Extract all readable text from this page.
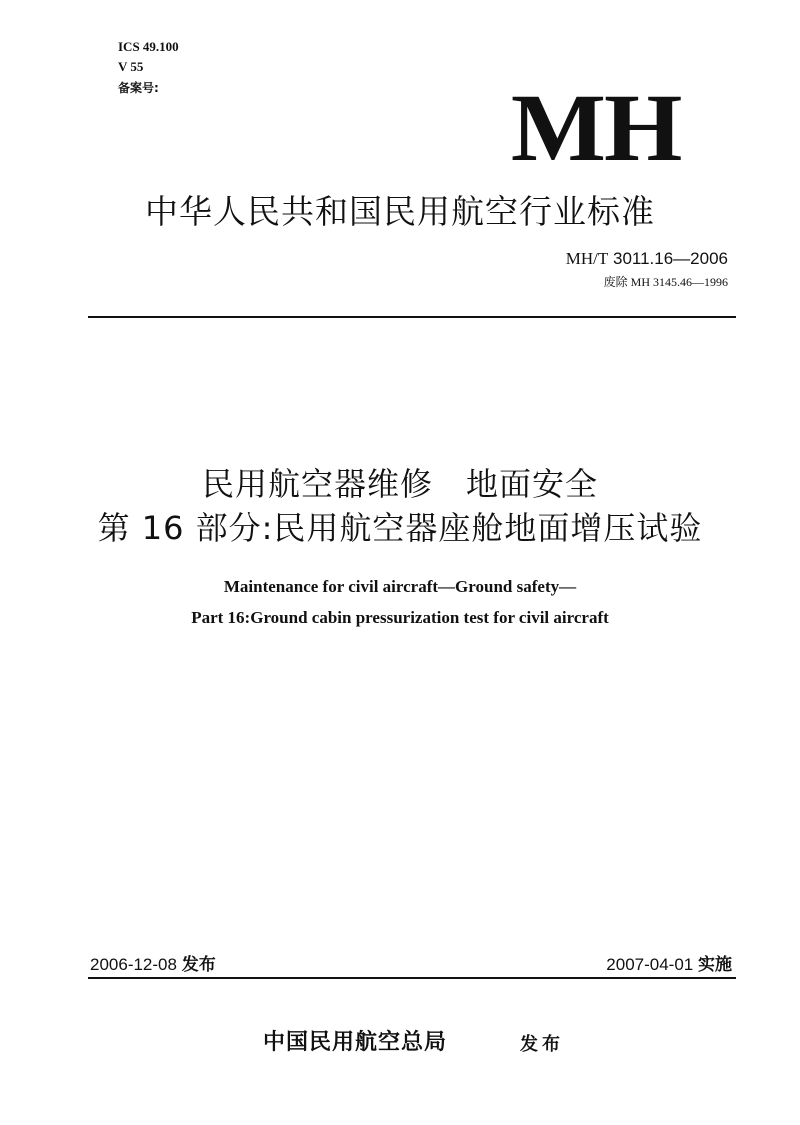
ICS 49.100
V 55
备案号:	MH
中华人民共和国民用航空行业标准
MH/T 3011.16—2006
废除 MH 3145.46—1996
民用航空器维修　地面安全
第 16 部分:民用航空器座舱地面增压试验
Maintenance for civil aircraft—Ground safety—
Part 16:Ground cabin pressurization test for civil aircraft
2006-12-08 发布	2007-04-01 实施
中国民用航空总局	发布
